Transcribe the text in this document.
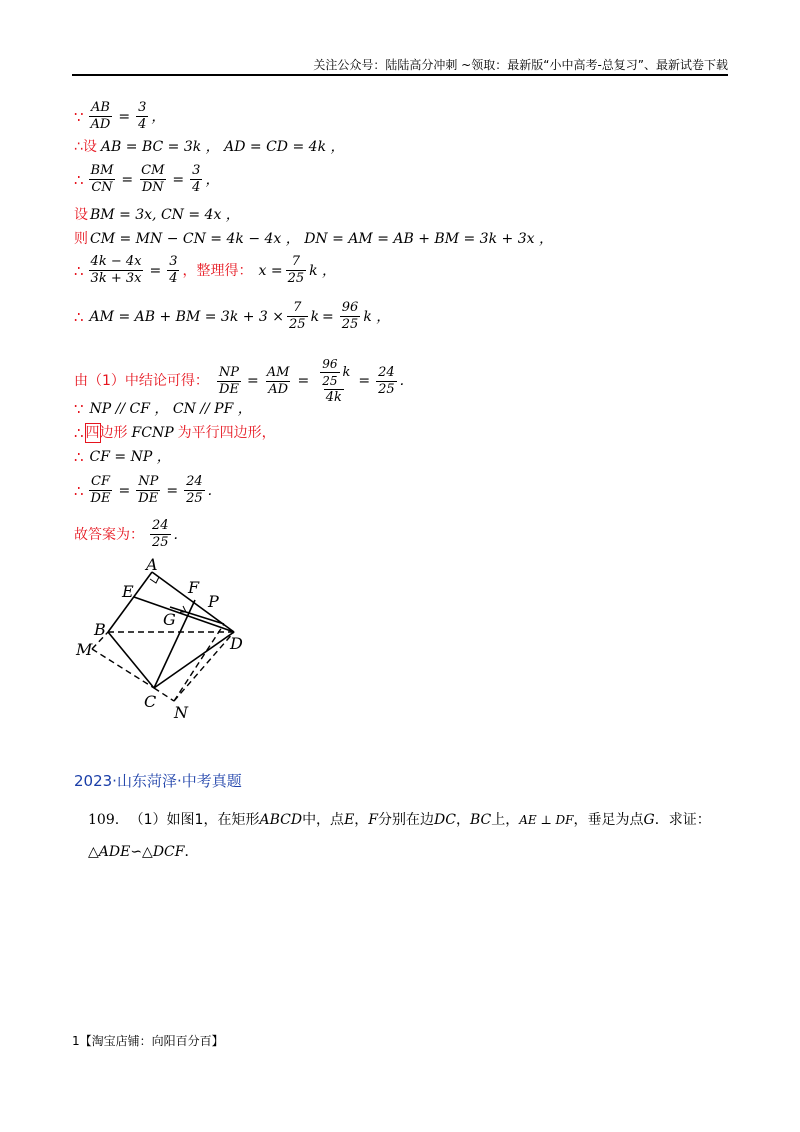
关注公众号：陆陆高分冲刺 ~领取：最新版“小中高考-总复习”、最新试卷下载
∵ $\frac{AB}{AD} = \frac{3}{4}$ ，
∴设 AB = BC = 3k ， AD = CD = 4k ，
∴ $\frac{BM}{CN} = \frac{CM}{DN} = \frac{3}{4}$ ，
设 BM = 3x, CN = 4x ，
则 CM = MN − CN = 4k − 4x ， DN = AM = AB + BM = 3k + 3x ，
∴ $\frac{4k - 4x}{3k + 3x} = \frac{3}{4}$ ，整理得： $x = \frac{7}{25}$ k ，
∴ AM = AB + BM = $3k + 3 \times \frac{7}{25}$ $k = \frac{96}{25}$ k ，
由（1）中结论可得： $\frac{NP}{DE} = \frac{AM}{AD} = \frac{\frac{96}{25} k}{4k} = \frac{24}{25}$ .
∵ NP // CF ， CN // PF ，
∴ 四 边形 FCNP 为平行四边形，
∴ CF = NP ，
∴ $\frac{CF}{DE} = \frac{NP}{DE} = \frac{24}{25}$ .
故答案为： $\frac{24}{25}$ .
A
E	F
P
G
B
D
M
C
N
2023·山东菏泽·中考真题
109. （1）如图1，在矩形ABCD中，点E，F分别在边DC，BC上，AE ⊥ DF，垂足为点G．求证：
△ADE∽△DCF．
1【淘宝店铺：向阳百分百】
